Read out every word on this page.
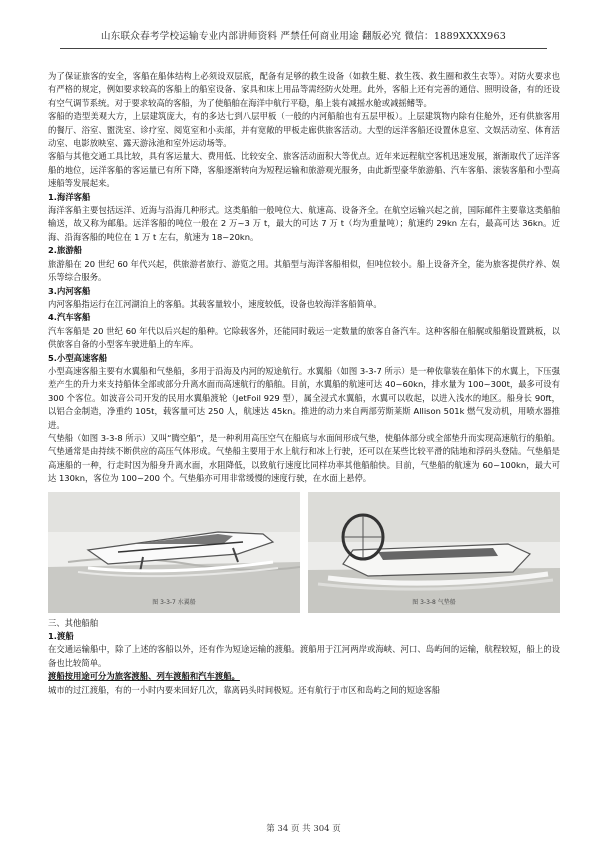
山东联众春考学校运输专业内部讲师资料 严禁任何商业用途 翻版必究 微信：1889XXXX963

为了保证旅客的安全，客船在船体结构上必须设双层底，配备有足够的救生设备（如救生艇、救生筏、救生圈和救生衣等）。对防火要求也有严格的规定，例如要求较高的客船上的船室设备、家具和床上用品等需经防火处理。此外，客船上还有完善的通信、照明设备，有的还设有空气调节系统。对于要求较高的客船，为了使船舶在海洋中航行平稳，船上装有减摇水舱或减摇鳍等。

客船的造型美观大方，上层建筑庞大，有的多达七到八层甲板（一般的内河船舶也有五层甲板）。上层建筑物内除有住舱外，还有供旅客用的餐厅、浴室、盥洗室、诊疗室、阅览室和小卖部，并有宽敞的甲板走廊供旅客活动。大型的远洋客船还设置休息室、文娱活动室、体育活动室、电影放映室、露天游泳池和室外运动场等。

客船与其他交通工具比较，具有客运量大、费用低、比较安全、旅客活动面积大等优点。近年来远程航空客机迅速发展，渐渐取代了远洋客船的地位，远洋客船的客运量已有所下降，客船逐渐转向为短程运输和旅游观光服务，由此新型豪华旅游船、汽车客船、滚装客船和小型高速船等发展起来。

1.海洋客船

海洋客船主要包括远洋、近海与沿海几种形式。这类船舶一般吨位大、航速高、设备齐全。在航空运输兴起之前，国际邮件主要靠这类船舶输送，故又称为邮船。远洋客船的吨位一般在 2 万~3 万 t，最大的可达 7 万 t（均为重量吨）；航速约 29kn 左右，最高可达 36kn。近海、沿海客船的吨位在 1 万 t 左右，航速为 18~20kn。

2.旅游船

旅游船在 20 世纪 60 年代兴起，供旅游者旅行、游览之用。其船型与海洋客船相似，但吨位较小。船上设备齐全，能为旅客提供疗养、娱乐等综合服务。

3.内河客船

内河客船指运行在江河湖泊上的客船。其载客量较小，速度较低，设备也较海洋客船简单。

4.汽车客船

汽车客船是 20 世纪 60 年代以后兴起的船种。它除载客外，还能同时载运一定数量的旅客自备汽车。这种客船在船艉或船艏设置跳板，以供旅客自备的小型客车驶进船上的车库。

5.小型高速客船

小型高速客船主要有水翼船和气垫船，多用于沿海及内河的短途航行。水翼船（如图 3-3-7 所示）是一种依靠装在船体下的水翼上，下压强差产生的升力来支持船体全部或部分升离水面而高速航行的船舶。目前，水翼船的航速可达 40~60kn，排水量为 100~300t，最多可设有 300 个客位。如波音公司开发的民用水翼船渡轮（JetFoil 929 型），属全浸式水翼船，水翼可以收起，以进入浅水的地区。船身长 90ft，以铝合金制造，净重约 105t，载客量可达 250 人，航速达 45kn。推进的动力来自两部劳斯莱斯 Allison 501k 燃气发动机，用喷水器推进。

气垫船（如图 3-3-8 所示）又叫“腾空船”，是一种利用高压空气在船底与水面间形成气垫，使船体部分或全部垫升而实现高速航行的船舶。气垫通常是由持续不断供应的高压气体形成。气垫船主要用于水上航行和冰上行驶，还可以在某些比较平滑的陆地和浮码头登陆。气垫船是高速船的一种，行走时因为船身升离水面，水阻降低，以致航行速度比同样功率其他船舶快。目前，气垫船的航速为 60~100kn，最大可达 130kn，客位为 100~200 个。气垫船亦可用非常缓慢的速度行驶，在水面上悬停。

图 3-3-7 水翼船	图 3-3-8 气垫船

三、其他船舶

1.渡船

在交通运输船中，除了上述的客船以外，还有作为短途运输的渡船。渡船用于江河两岸或海峡、河口、岛屿间的运输，航程较短，船上的设备也比较简单。

渡船按用途可分为旅客渡船、列车渡船和汽车渡船。

城市的过江渡船，有的一小时内要来回好几次，靠离码头时间极短。还有航行于市区和岛屿之间的短途客船

第 34 页 共 304 页
